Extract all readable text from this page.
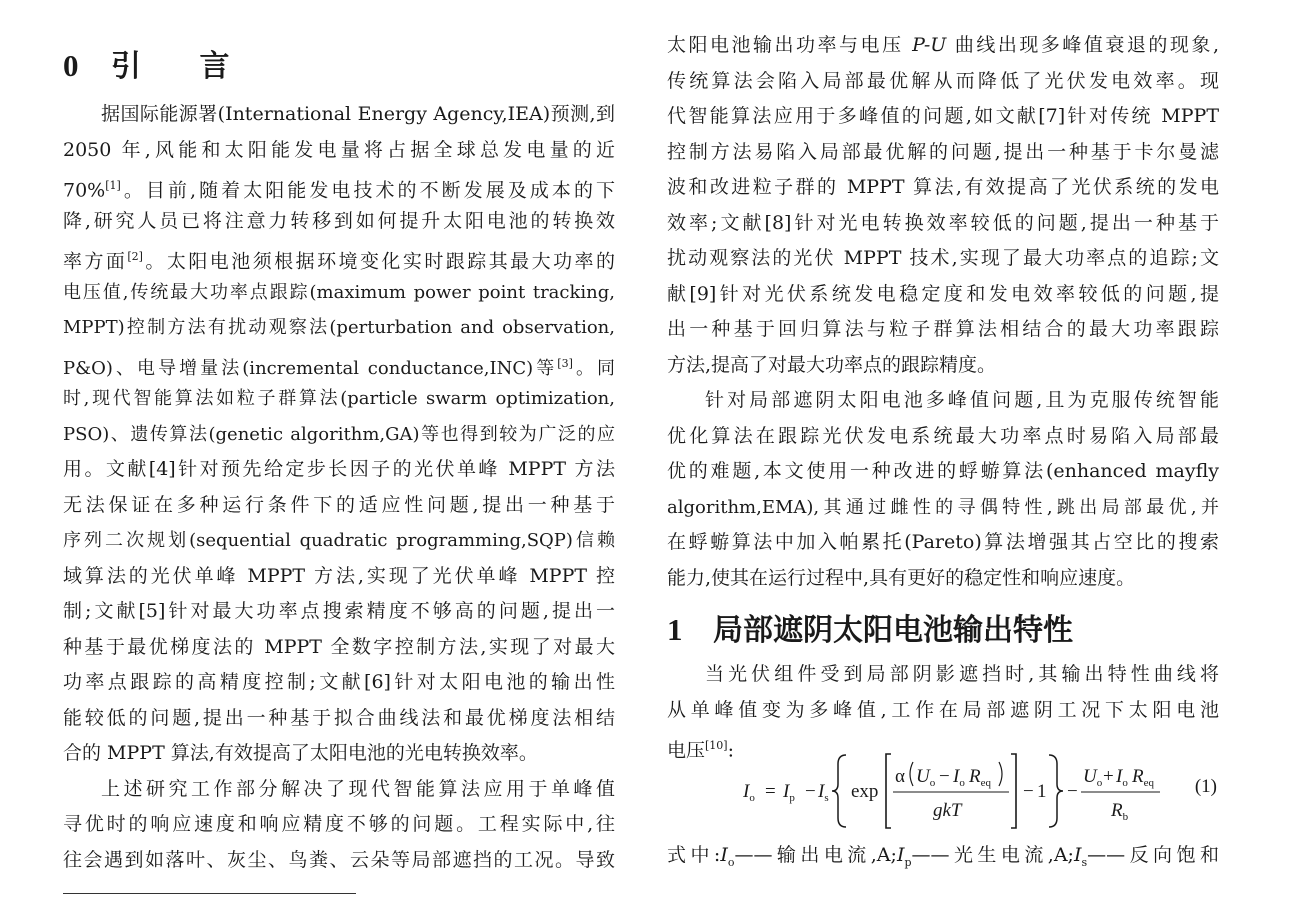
0	引 言
据国际能源署(International Energy Agency,IEA)预测,到
2050 年,风能和太阳能发电量将占据全球总发电量的近
70%[1]。目前,随着太阳能发电技术的不断发展及成本的下
降,研究人员已将注意力转移到如何提升太阳电池的转换效
率方面[2]。太阳电池须根据环境变化实时跟踪其最大功率的
电压值,传统最大功率点跟踪(maximum power point tracking,
MPPT)控制方法有扰动观察法(perturbation and observation,
P&O)、电导增量法(incremental conductance,INC)等[3]。同
时,现代智能算法如粒子群算法(particle swarm optimization,
PSO)、遗传算法(genetic algorithm,GA)等也得到较为广泛的应
用。文献[4]针对预先给定步长因子的光伏单峰 MPPT 方法
无法保证在多种运行条件下的适应性问题,提出一种基于
序列二次规划(sequential quadratic programming,SQP)信赖
域算法的光伏单峰 MPPT 方法,实现了光伏单峰 MPPT 控
制;文献[5]针对最大功率点搜索精度不够高的问题,提出一
种基于最优梯度法的 MPPT 全数字控制方法,实现了对最大
功率点跟踪的高精度控制;文献[6]针对太阳电池的输出性
能较低的问题,提出一种基于拟合曲线法和最优梯度法相结
合的 MPPT 算法,有效提高了太阳电池的光电转换效率。
上述研究工作部分解决了现代智能算法应用于单峰值
寻优时的响应速度和响应精度不够的问题。工程实际中,往
往会遇到如落叶、灰尘、鸟粪、云朵等局部遮挡的工况。导致
太阳电池输出功率与电压 P-U 曲线出现多峰值衰退的现象,
传统算法会陷入局部最优解从而降低了光伏发电效率。现
代智能算法应用于多峰值的问题,如文献[7]针对传统 MPPT
控制方法易陷入局部最优解的问题,提出一种基于卡尔曼滤
波和改进粒子群的 MPPT 算法,有效提高了光伏系统的发电
效率;文献[8]针对光电转换效率较低的问题,提出一种基于
扰动观察法的光伏 MPPT 技术,实现了最大功率点的追踪;文
献[9]针对光伏系统发电稳定度和发电效率较低的问题,提
出一种基于回归算法与粒子群算法相结合的最大功率跟踪
方法,提高了对最大功率点的跟踪精度。
针对局部遮阴太阳电池多峰值问题,且为克服传统智能
优化算法在跟踪光伏发电系统最大功率点时易陷入局部最
优的难题,本文使用一种改进的蜉蝣算法(enhanced mayfly
algorithm,EMA),其通过雌性的寻偶特性,跳出局部最优,并
在蜉蝣算法中加入帕累托(Pareto)算法增强其占空比的搜索
能力,使其在运行过程中,具有更好的稳定性和响应速度。
1	局部遮阴太阳电池输出特性
当光伏组件受到局部阴影遮挡时,其输出特性曲线将
从单峰值变为多峰值,工作在局部遮阴工况下太阳电池
电压[10]:
$I_o = I_p - I_s$ exp
α $U_o - I_o$ $R_{eq}$
gkT
− 1 −
$U_o + I_o$ $R_{eq}$
$R_b$
(1)
式中$:I_o——$输出电流$,A;I_p——$光生电流$,A;I_s——$反向饱和
